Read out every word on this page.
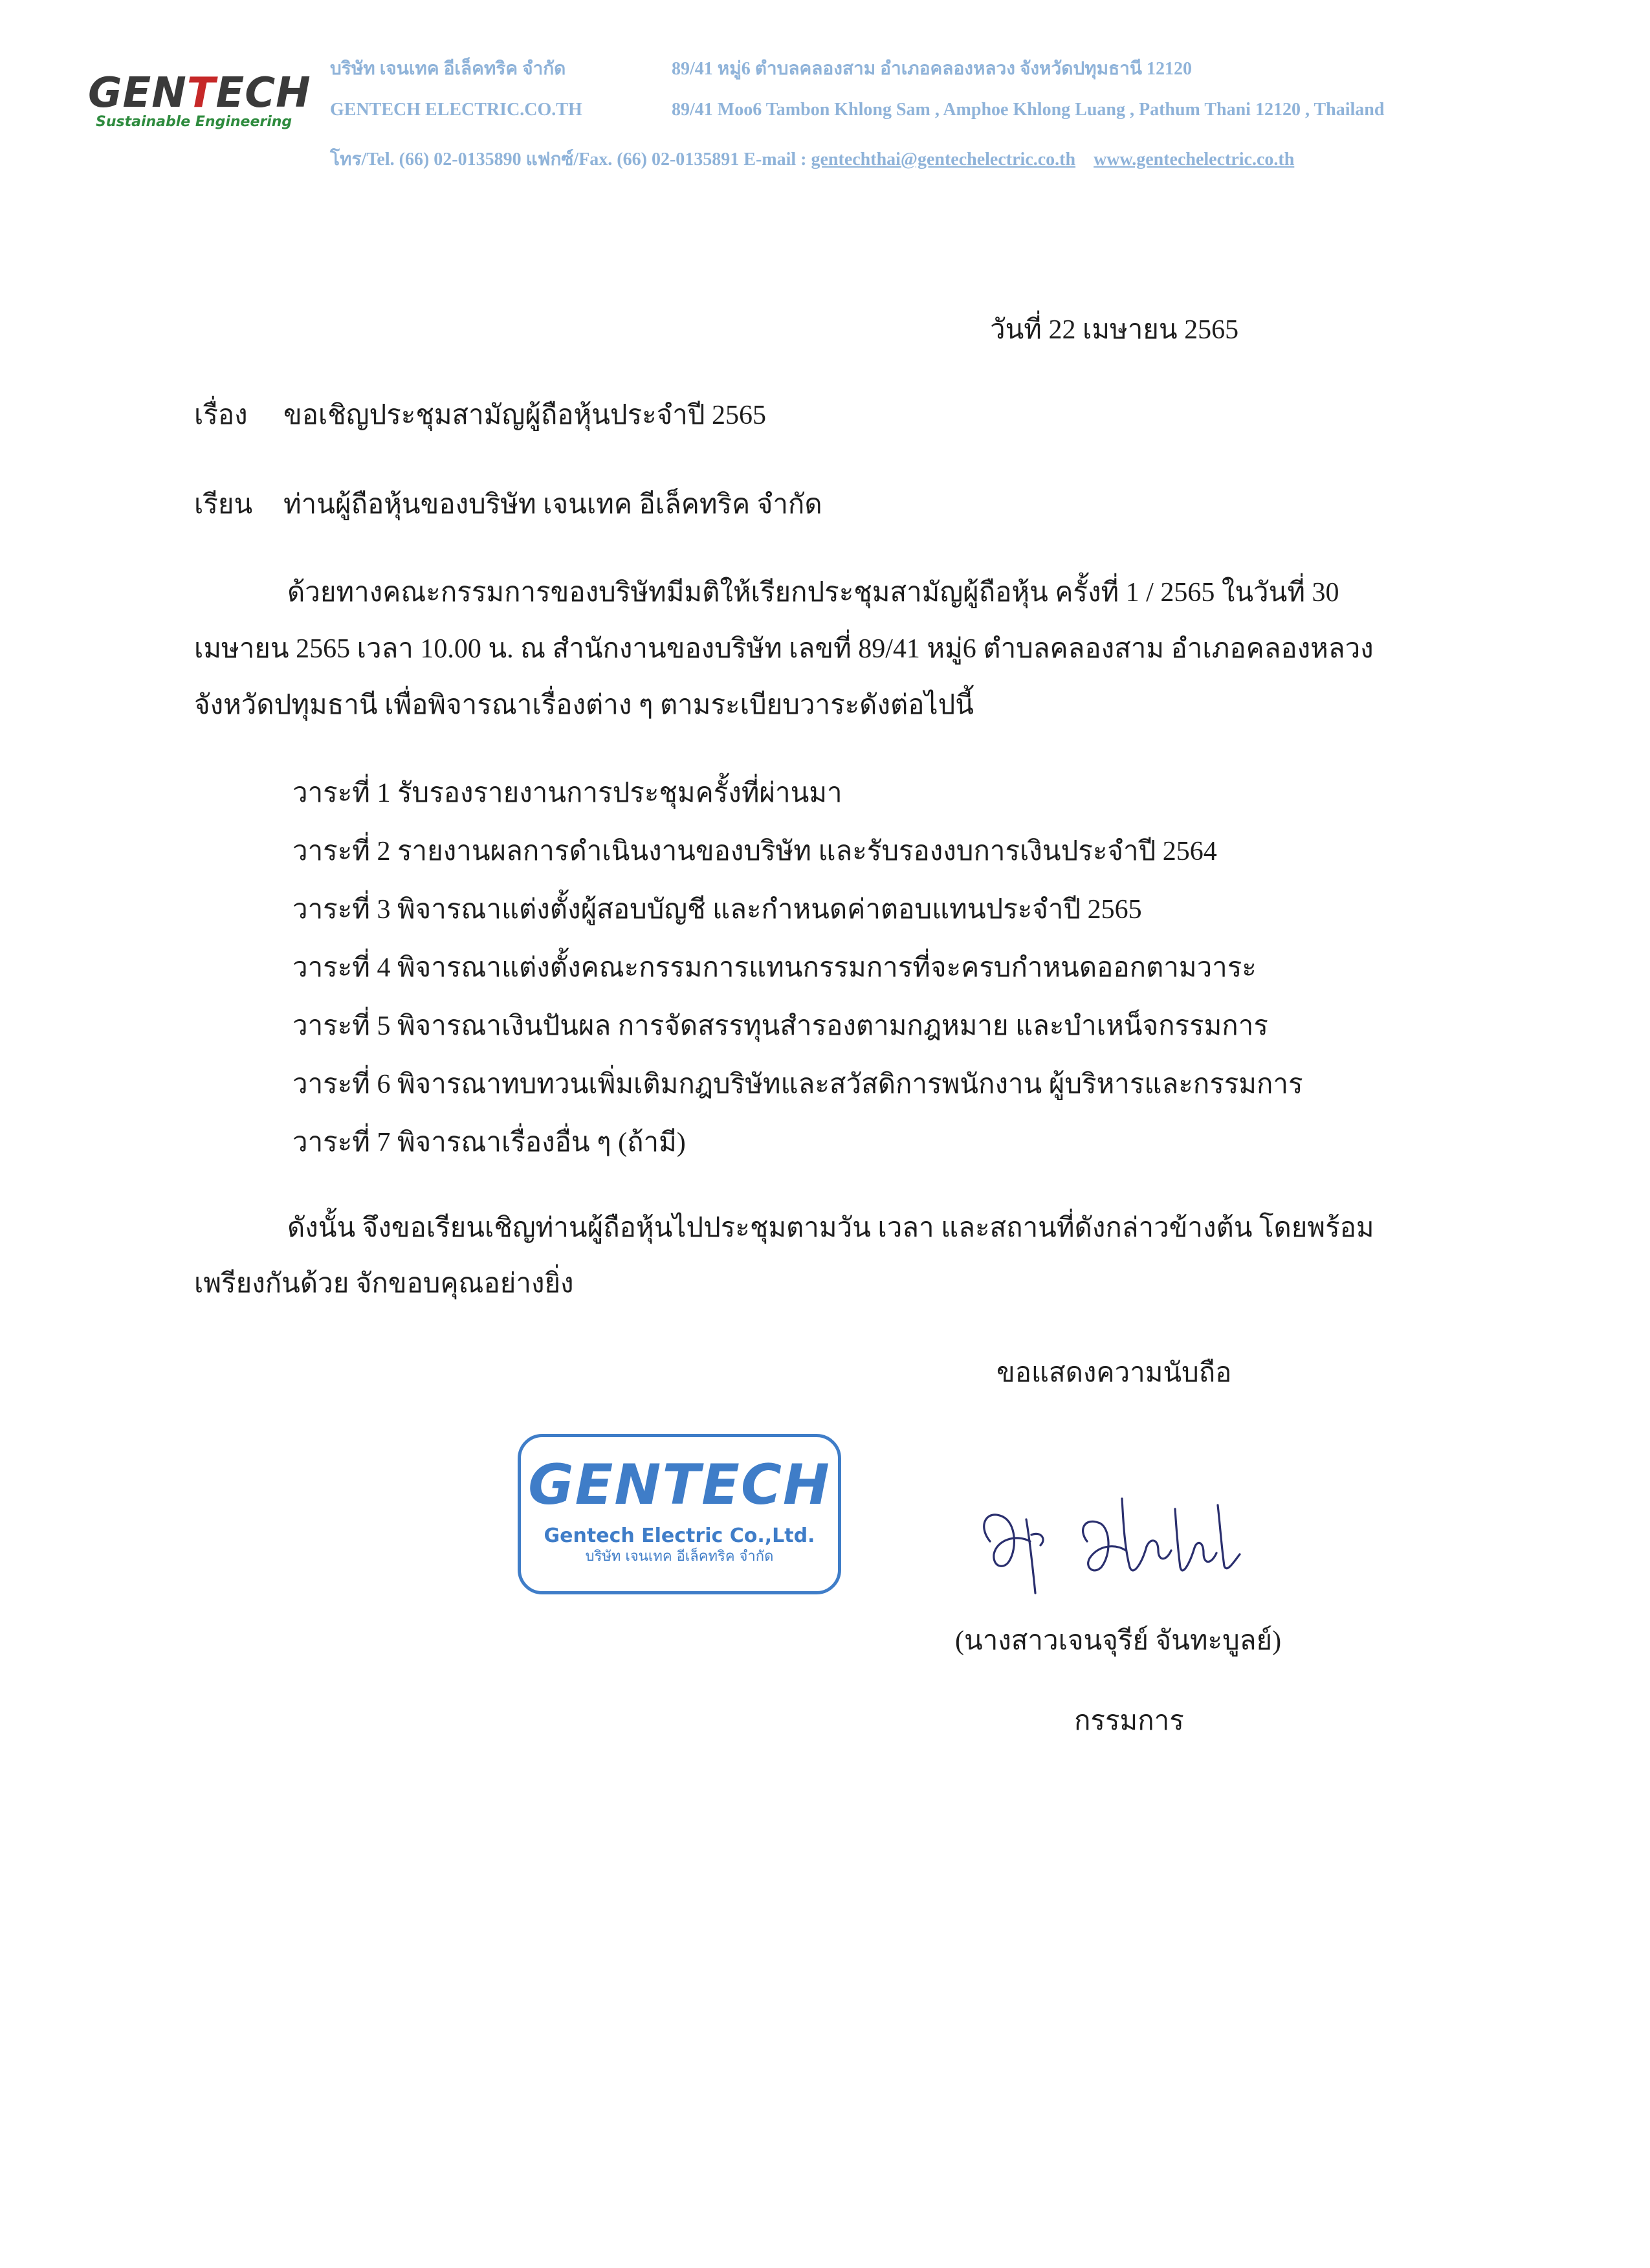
GENTECH
Sustainable Engineering
บริษัท เจนเทค อีเล็คทริค จำกัด	89/41 หมู่6 ตำบลคลองสาม อำเภอคลองหลวง จังหวัดปทุมธานี 12120
GENTECH ELECTRIC.CO.TH	89/41 Moo6 Tambon Khlong Sam , Amphoe Khlong Luang , Pathum Thani 12120 , Thailand
โทร/Tel. (66) 02-0135890 แฟกซ์/Fax. (66) 02-0135891 E-mail : gentechthai@gentechelectric.co.th www.gentechelectric.co.th
วันที่ 22 เมษายน 2565
เรื่อง ขอเชิญประชุมสามัญผู้ถือหุ้นประจำปี 2565
เรียน ท่านผู้ถือหุ้นของบริษัท เจนเทค อีเล็คทริค จำกัด
ด้วยทางคณะกรรมการของบริษัทมีมติให้เรียกประชุมสามัญผู้ถือหุ้น ครั้งที่ 1 / 2565 ในวันที่ 30
เมษายน 2565 เวลา 10.00 น. ณ สำนักงานของบริษัท เลขที่ 89/41 หมู่6 ตำบลคลองสาม อำเภอคลองหลวง
จังหวัดปทุมธานี เพื่อพิจารณาเรื่องต่าง ๆ ตามระเบียบวาระดังต่อไปนี้
วาระที่ 1 รับรองรายงานการประชุมครั้งที่ผ่านมา
วาระที่ 2 รายงานผลการดำเนินงานของบริษัท และรับรองงบการเงินประจำปี 2564
วาระที่ 3 พิจารณาแต่งตั้งผู้สอบบัญชี และกำหนดค่าตอบแทนประจำปี 2565
วาระที่ 4 พิจารณาแต่งตั้งคณะกรรมการแทนกรรมการที่จะครบกำหนดออกตามวาระ
วาระที่ 5 พิจารณาเงินปันผล การจัดสรรทุนสำรองตามกฎหมาย และบำเหน็จกรรมการ
วาระที่ 6 พิจารณาทบทวนเพิ่มเติมกฎบริษัทและสวัสดิการพนักงาน ผู้บริหารและกรรมการ
วาระที่ 7 พิจารณาเรื่องอื่น ๆ (ถ้ามี)
ดังนั้น จึงขอเรียนเชิญท่านผู้ถือหุ้นไปประชุมตามวัน เวลา และสถานที่ดังกล่าวข้างต้น โดยพร้อม
เพรียงกันด้วย จักขอบคุณอย่างยิ่ง
ขอแสดงความนับถือ
GENTECH
Gentech Electric Co.,Ltd.
บริษัท เจนเทค อีเล็คทริค จำกัด
(นางสาวเจนจุรีย์ จันทะบูลย์)
กรรมการ
